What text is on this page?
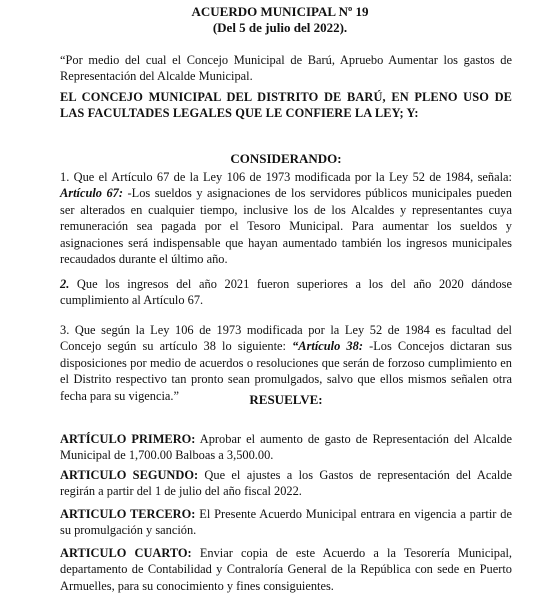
ACUERDO MUNICIPAL Nº 19
(Del 5 de julio del 2022).
“Por medio del cual el Concejo Municipal de Barú, Apruebo Aumentar los gastos de Representación del Alcalde Municipal.
EL CONCEJO MUNICIPAL DEL DISTRITO DE BARÚ, EN PLENO USO DE LAS FACULTADES LEGALES QUE LE CONFIERE LA LEY; Y:
CONSIDERANDO:
1. Que el Artículo 67 de la Ley 106 de 1973 modificada por la Ley 52 de 1984, señala: Artículo 67: -Los sueldos y asignaciones de los servidores públicos municipales pueden ser alterados en cualquier tiempo, inclusive los de los Alcaldes y representantes cuya remuneración sea pagada por el Tesoro Municipal. Para aumentar los sueldos y asignaciones será indispensable que hayan aumentado también los ingresos municipales recaudados durante el último año.
2. Que los ingresos del año 2021 fueron superiores a los del año 2020 dándose cumplimiento al Artículo 67.
3. Que según la Ley 106 de 1973 modificada por la Ley 52 de 1984 es facultad del Concejo según su artículo 38 lo siguiente: “Artículo 38: -Los Concejos dictaran sus disposiciones por medio de acuerdos o resoluciones que serán de forzoso cumplimiento en el Distrito respectivo tan pronto sean promulgados, salvo que ellos mismos señalen otra fecha para su vigencia.”	RESUELVE:
ARTÍCULO PRIMERO: Aprobar el aumento de gasto de Representación del Alcalde Municipal de 1,700.00 Balboas a 3,500.00.
ARTICULO SEGUNDO: Que el ajustes a los Gastos de representación del Acalde regirán a partir del 1 de julio del año fiscal 2022.
ARTICULO TERCERO: El Presente Acuerdo Municipal entrara en vigencia a partir de su promulgación y sanción.
ARTICULO CUARTO: Enviar copia de este Acuerdo a la Tesorería Municipal, departamento de Contabilidad y Contraloría General de la República con sede en Puerto Armuelles, para su conocimiento y fines consiguientes.
